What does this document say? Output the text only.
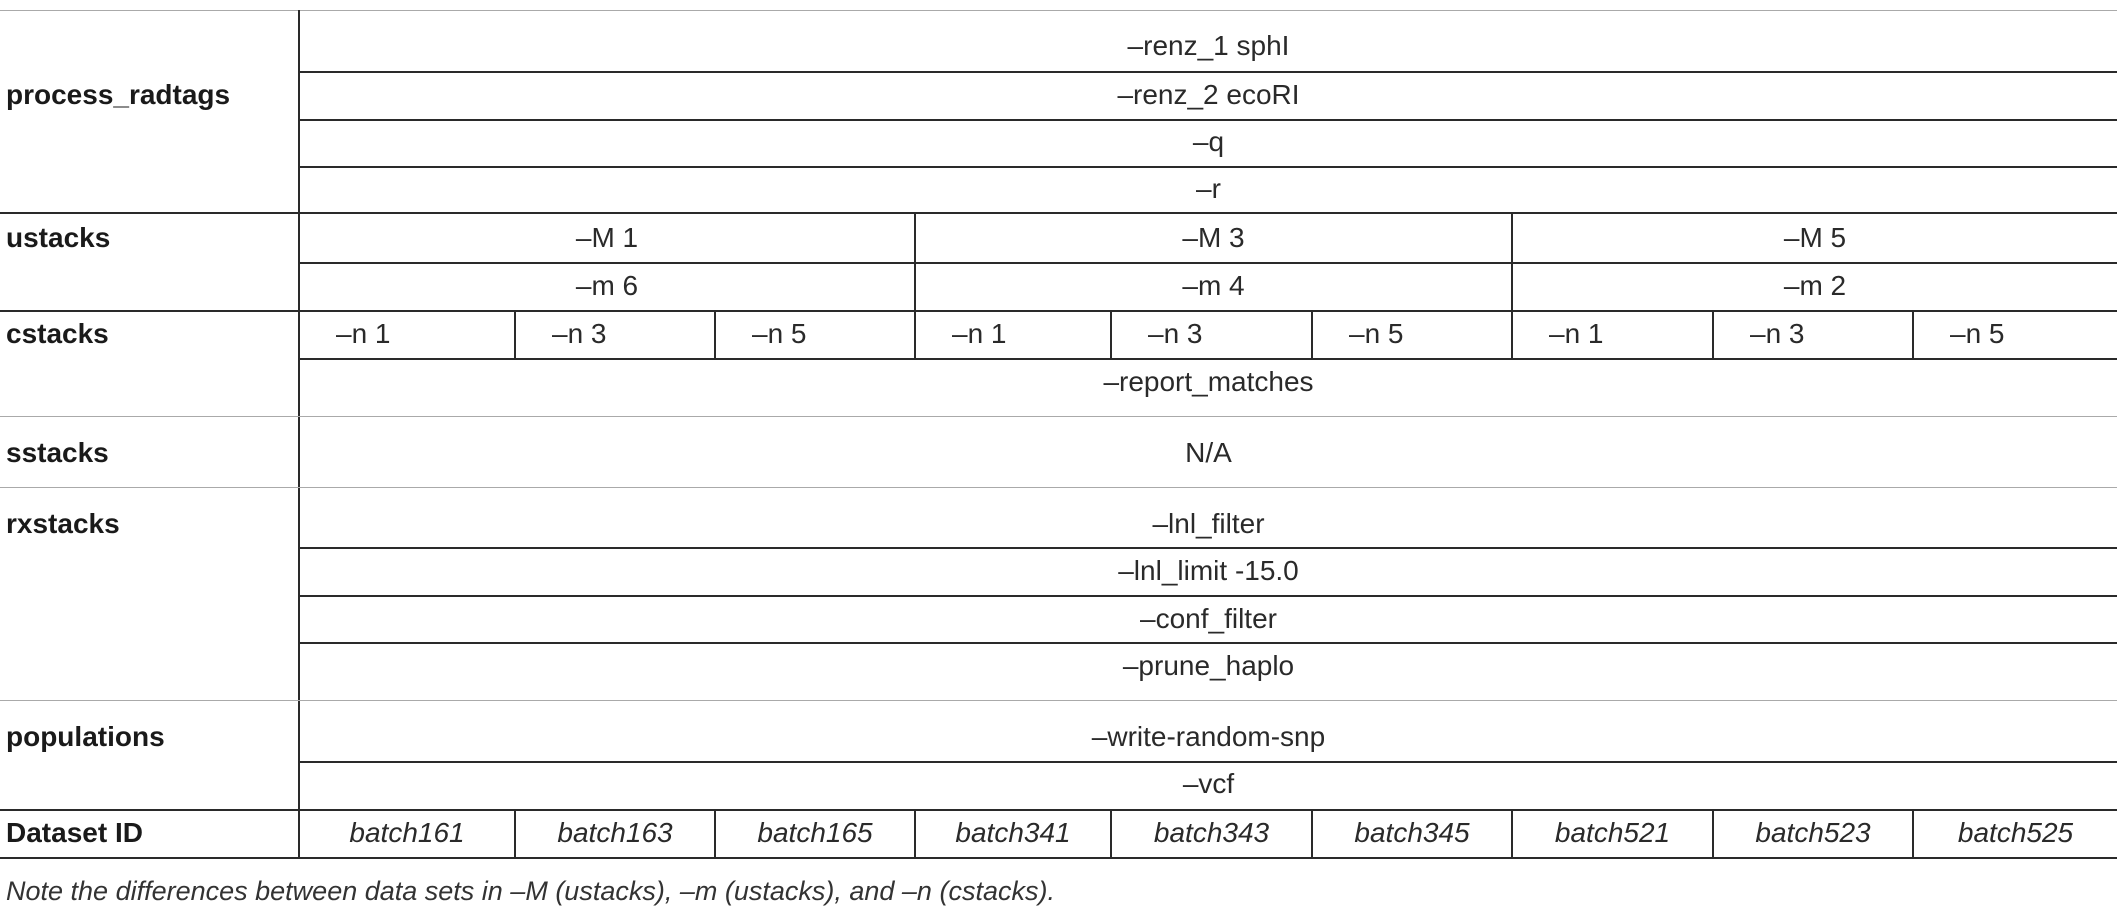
process_radtags
–renz_1 sphI
–renz_2 ecoRI
–q
–r
ustacks	–M 1	–M 3	–M 5
–m 6	–m 4	–m 2
cstacks	–n 1	–n 3	–n 5	–n 1	–n 3	–n 5	–n 1	–n 3	–n 5
–report_matches
sstacks	N/A
rxstacks	–lnl_filter
–lnl_limit -15.0
–conf_filter
–prune_haplo
populations	–write-random-snp
–vcf
Dataset ID	batch161	batch163	batch165	batch341	batch343	batch345	batch521	batch523	batch525
Note the differences between data sets in –M (ustacks), –m (ustacks), and –n (cstacks).
